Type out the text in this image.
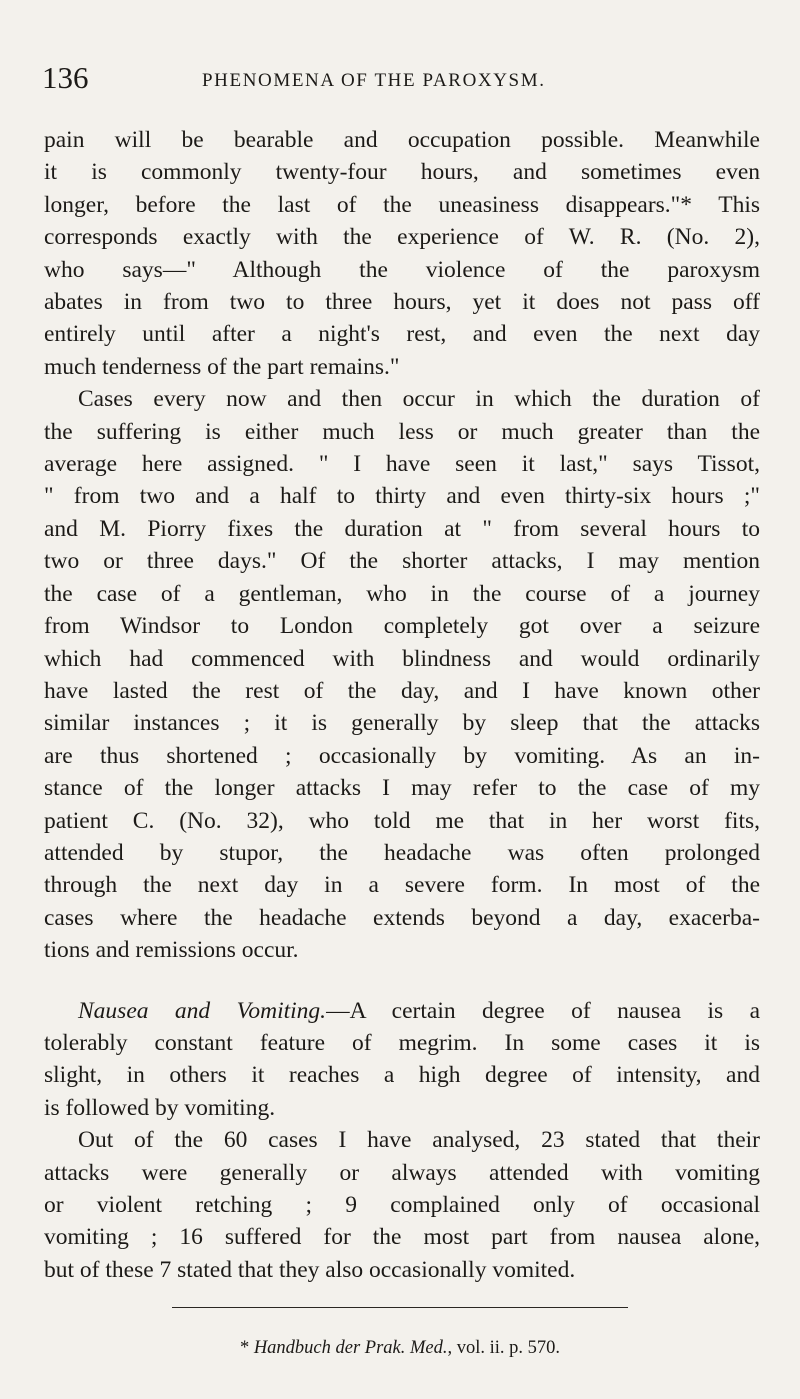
136	PHENOMENA OF THE PAROXYSM.
pain will be bearable and occupation possible. Meanwhile
it is commonly twenty-four hours, and sometimes even
longer, before the last of the uneasiness disappears."* This
corresponds exactly with the experience of W. R. (No. 2),
who says—" Although the violence of the paroxysm
abates in from two to three hours, yet it does not pass off
entirely until after a night's rest, and even the next day
much tenderness of the part remains."
Cases every now and then occur in which the duration of
the suffering is either much less or much greater than the
average here assigned. " I have seen it last," says Tissot,
" from two and a half to thirty and even thirty-six hours ;"
and M. Piorry fixes the duration at " from several hours to
two or three days." Of the shorter attacks, I may mention
the case of a gentleman, who in the course of a journey
from Windsor to London completely got over a seizure
which had commenced with blindness and would ordinarily
have lasted the rest of the day, and I have known other
similar instances ; it is generally by sleep that the attacks
are thus shortened ; occasionally by vomiting. As an in-
stance of the longer attacks I may refer to the case of my
patient C. (No. 32), who told me that in her worst fits,
attended by stupor, the headache was often prolonged
through the next day in a severe form. In most of the
cases where the headache extends beyond a day, exacerba-
tions and remissions occur.
Nausea and Vomiting.—A certain degree of nausea is a
tolerably constant feature of megrim. In some cases it is
slight, in others it reaches a high degree of intensity, and
is followed by vomiting.
Out of the 60 cases I have analysed, 23 stated that their
attacks were generally or always attended with vomiting
or violent retching ; 9 complained only of occasional
vomiting ; 16 suffered for the most part from nausea alone,
but of these 7 stated that they also occasionally vomited.
* Handbuch der Prak. Med., vol. ii. p. 570.
